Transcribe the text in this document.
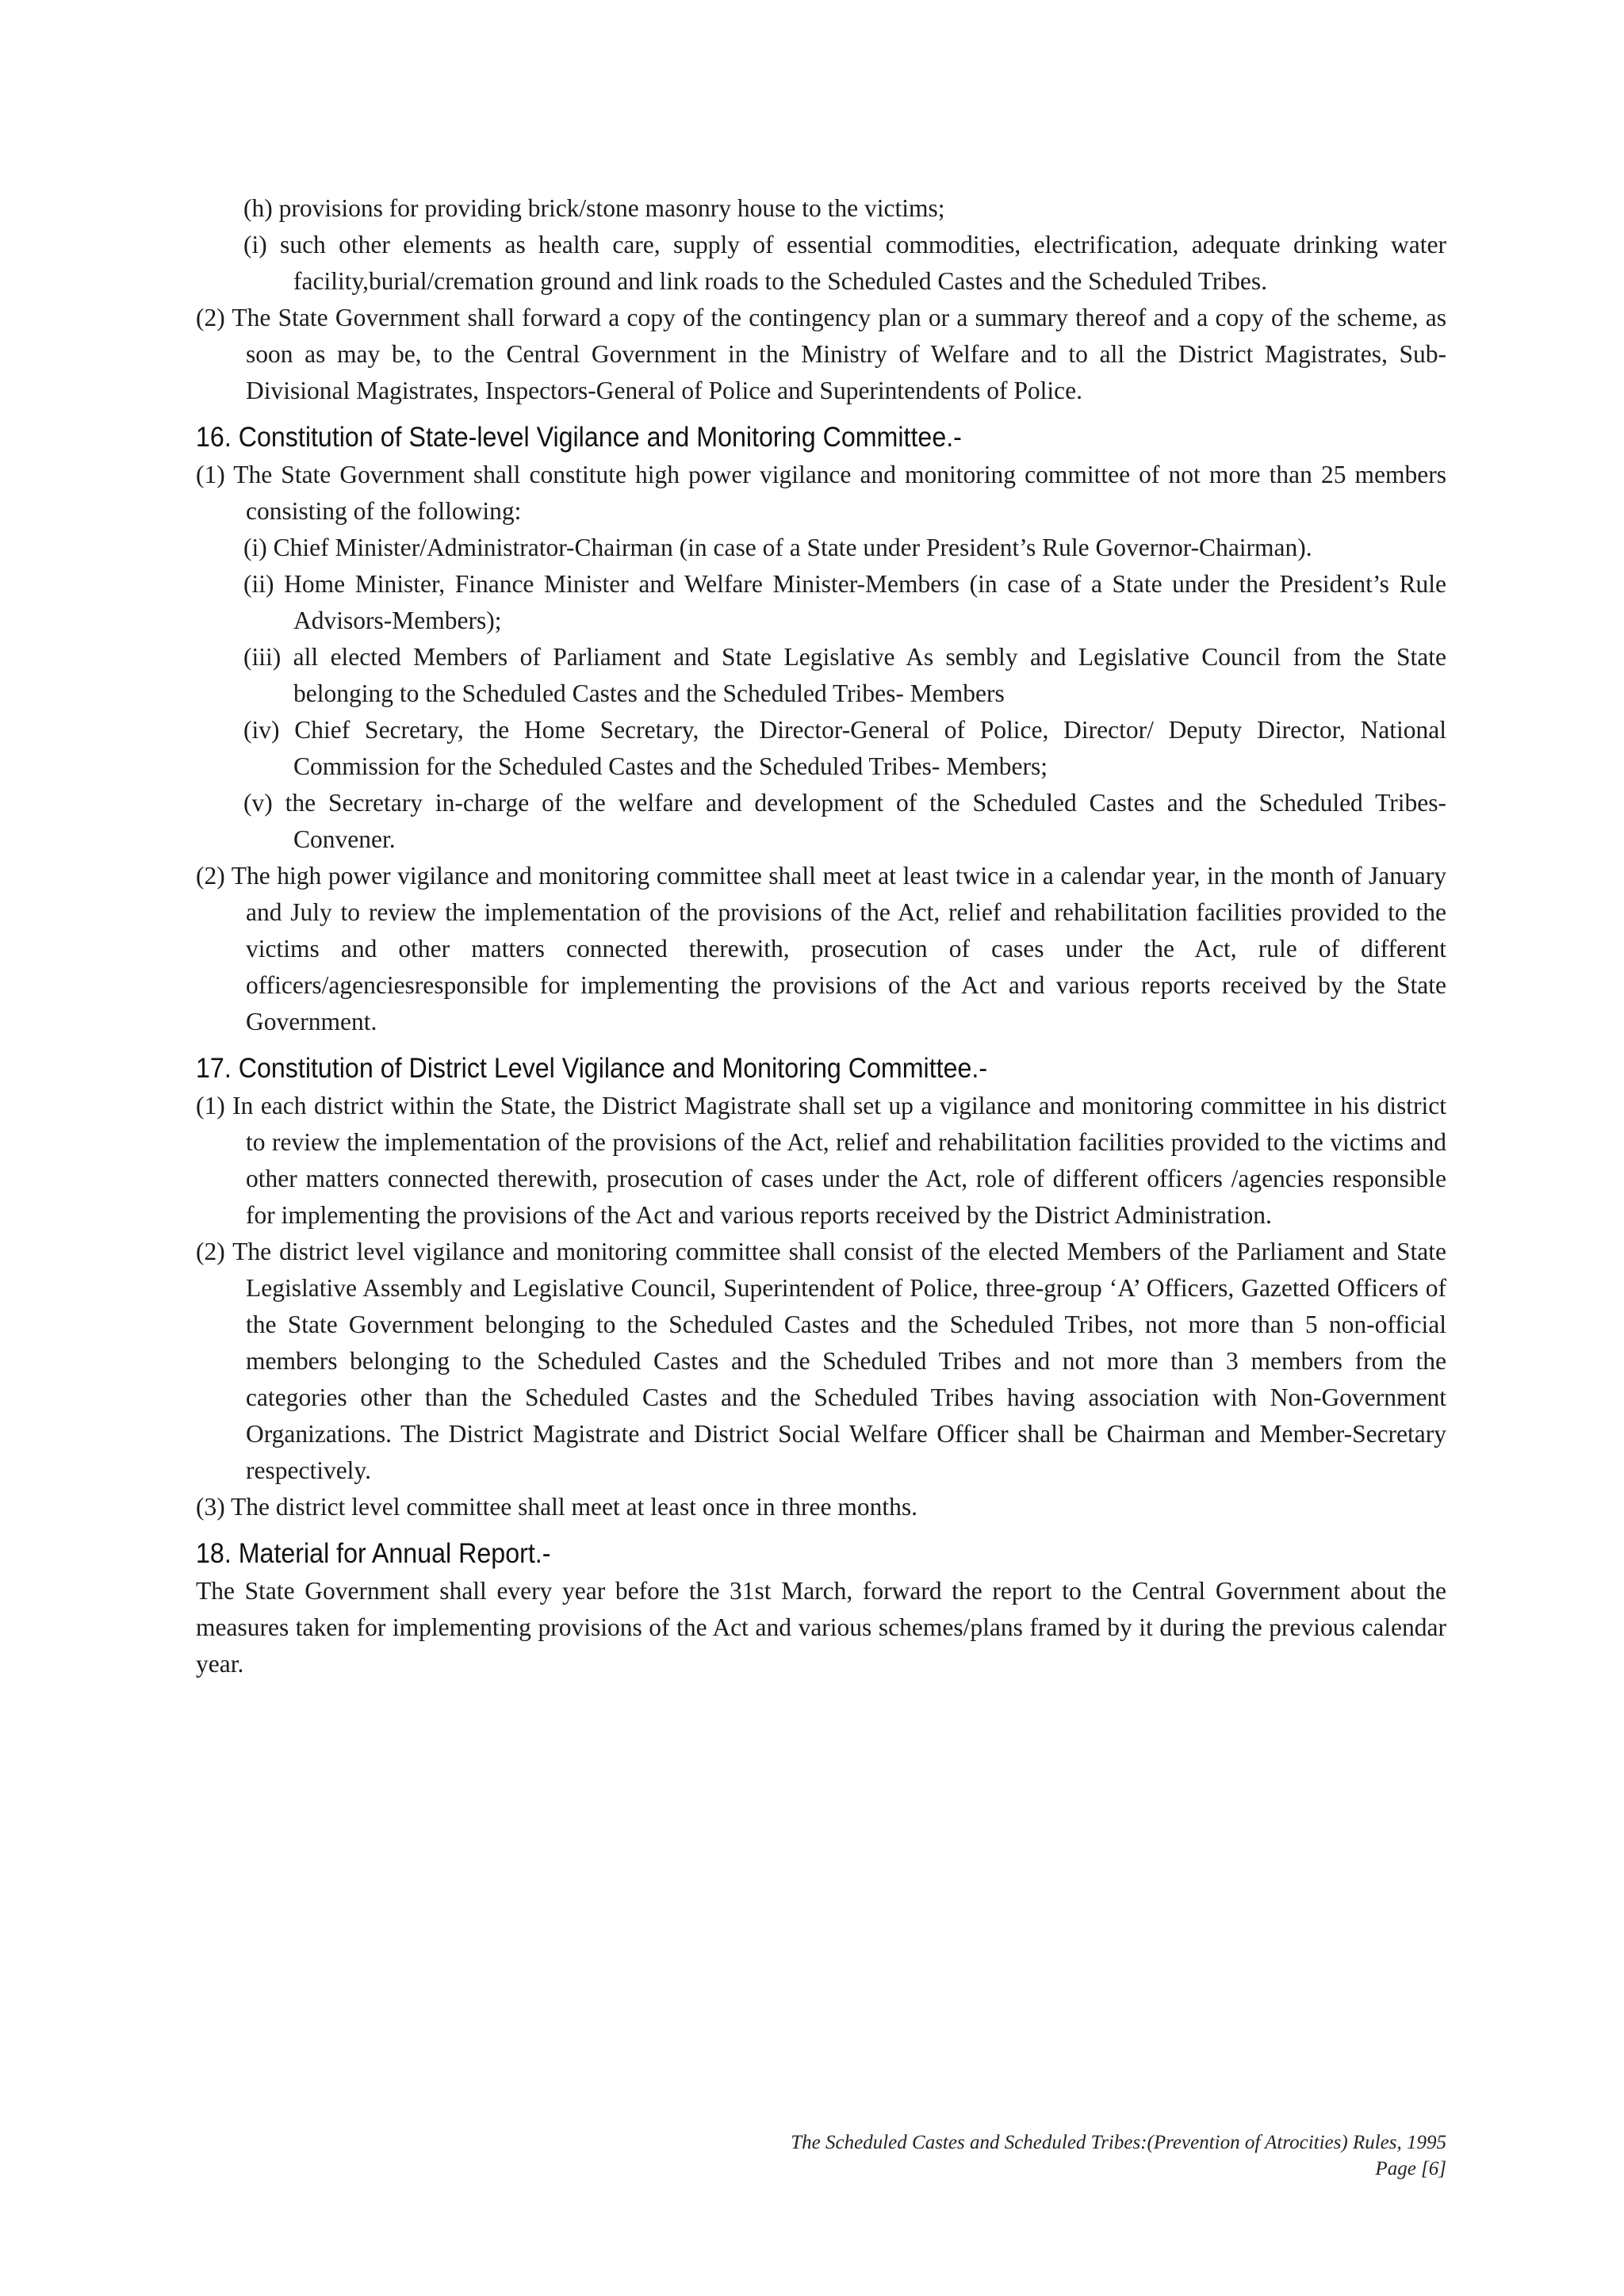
(h) provisions for providing brick/stone masonry house to the victims;

(i) such other elements as health care, supply of essential commodities, electrification, adequate drinking water facility,burial/cremation ground and link roads to the Scheduled Castes and the Scheduled Tribes.

(2) The State Government shall forward a copy of the contingency plan or a summary thereof and a copy of the scheme, as soon as may be, to the Central Government in the Ministry of Welfare and to all the District Magistrates, Sub-Divisional Magistrates, Inspectors-General of Police and Superintendents of Police.

16. Constitution of State-level Vigilance and Monitoring Committee.-

(1) The State Government shall constitute high power vigilance and monitoring committee of not more than 25 members consisting of the following:

(i) Chief Minister/Administrator-Chairman (in case of a State under President’s Rule Governor-Chairman).

(ii) Home Minister, Finance Minister and Welfare Minister-Members (in case of a State under the President’s Rule Advisors-Members);

(iii) all elected Members of Parliament and State Legislative As sembly and Legislative Council from the State belonging to the Scheduled Castes and the Scheduled Tribes- Members

(iv) Chief Secretary, the Home Secretary, the Director-General of Police, Director/ Deputy Director, National Commission for the Scheduled Castes and the Scheduled Tribes- Members;

(v) the Secretary in-charge of the welfare and development of the Scheduled Castes and the Scheduled Tribes- Convener.

(2) The high power vigilance and monitoring committee shall meet at least twice in a calendar year, in the month of January and July to review the implementation of the provisions of the Act, relief and rehabilitation facilities provided to the victims and other matters connected therewith, prosecution of cases under the Act, rule of different officers/agenciesresponsible for implementing the provisions of the Act and various reports received by the State Government.

17. Constitution of District Level Vigilance and Monitoring Committee.-

(1) In each district within the State, the District Magistrate shall set up a vigilance and monitoring committee in his district to review the implementation of the provisions of the Act, relief and rehabilitation facilities provided to the victims and other matters connected therewith, prosecution of cases under the Act, role of different officers /agencies responsible for implementing the provisions of the Act and various reports received by the District Administration.

(2) The district level vigilance and monitoring committee shall consist of the elected Members of the Parliament and State Legislative Assembly and Legislative Council, Superintendent of Police, three-group ‘A’ Officers, Gazetted Officers of the State Government belonging to the Scheduled Castes and the Scheduled Tribes, not more than 5 non-official members belonging to the Scheduled Castes and the Scheduled Tribes and not more than 3 members from the categories other than the Scheduled Castes and the Scheduled Tribes having association with Non-Government Organizations. The District Magistrate and District Social Welfare Officer shall be Chairman and Member-Secretary respectively.

(3) The district level committee shall meet at least once in three months.

18. Material for Annual Report.-

The State Government shall every year before the 31st March, forward the report to the Central Government about the measures taken for implementing provisions of the Act and various schemes/plans framed by it during the previous calendar year.

The Scheduled Castes and Scheduled Tribes:(Prevention of Atrocities) Rules, 1995
Page [6]
